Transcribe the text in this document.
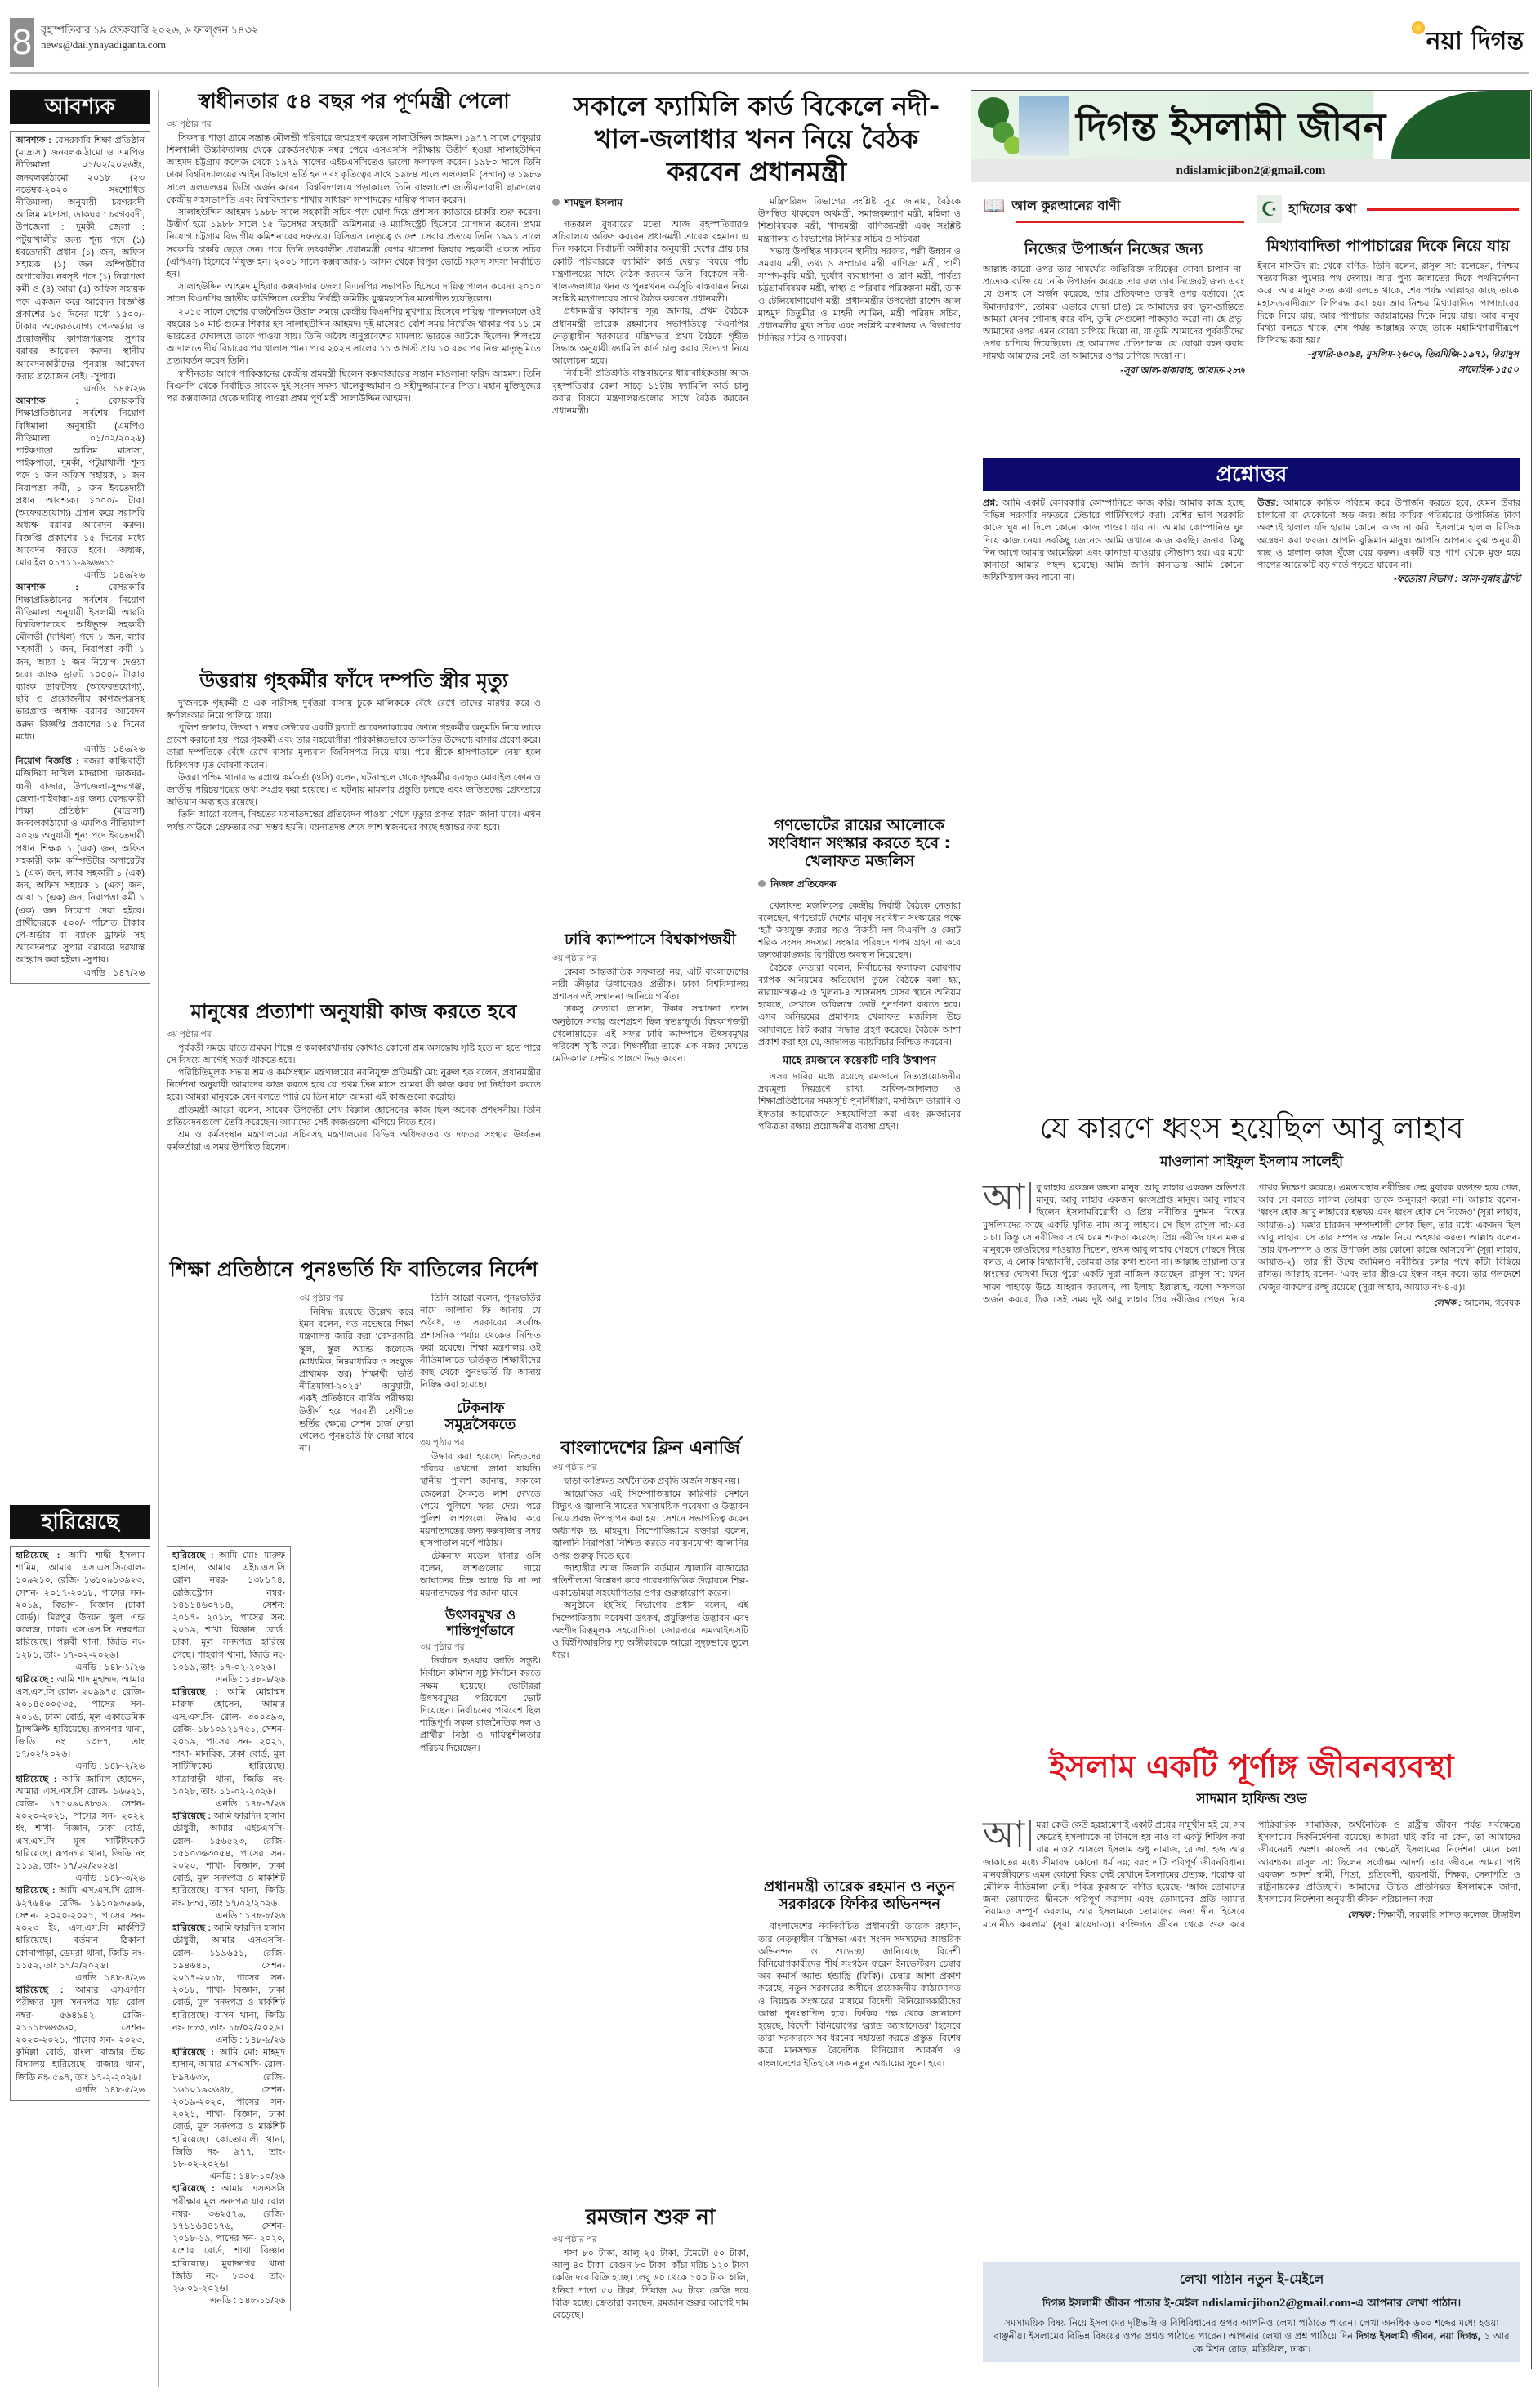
8 বৃহস্পতিবার ১৯ ফেব্রুয়ারি ২০২৬, ৬ ফাল্গুন ১৪৩২
news@dailynayadiganta.com	নয়া দিগন্ত
আবশ্যক
আবশ্যক : বেসরকারি শিক্ষা প্রতিষ্ঠান (মাদ্রাসা) জনবলকাঠামো ও এমপিও নীতিমালা, ০১/০২/২০২৬ইং, জনবলকাঠামো ২০১৮ (২৩ নভেম্বর-২০২০ সংশোধিত নীতিমালা) অনুযায়ী চরগরবদী আলিম মাদ্রাসা, ডাকঘর : চরগরবদী, উপজেলা : দুমকী, জেলা : পটুয়াখালীর জন্য শূন্য পদে (১) ইবতেদায়ী প্রধান (১) জন, অফিস সহায়ক (১) জন কম্পিউটার অপারেটর। নবসৃষ্ট পদে (১) নিরাপত্তা কর্মী ও (৪) আয়া (৫) অফিস সহায়ক পদে একজন করে আবেদন বিজ্ঞপ্তি প্রকাশের ১৫ দিনের মধ্যে ১৫০০/- টাকার অফেরতযোগ্য পে-অর্ডার ও প্রয়োজনীয় কাগজপত্রসহ সুপার বরাবর আবেদন করুন। স্থানীয় আবেদনকারীদের পুনরায় আবেদন করার প্রয়োজন নেই। -সুপার।
এনডি : ১৪৫/২৬
আবশ্যক : বেসরকারি শিক্ষাপ্রতিষ্ঠানের সর্বশেষ নিয়োগ বিধিমালা অনুযায়ী (এমপিও নীতিমালা ০১/০২/২০২৬) পাইকপাড়া আলিম মাদ্রাসা, পাইকপাড়া, দুমকী, পটুয়াখালী শূন্য পদে ১ জন অফিস সহায়ক, ১ জন নিরাপত্তা কর্মী, ১ জন ইবতেদায়ী প্রধান আবশ্যক। ১০০০/- টাকা (অফেরতযোগ্য) প্রদান করে সরাসরি অধ্যক্ষ বরাবর আবেদন করুন। বিজ্ঞপ্তি প্রকাশের ১৫ দিনের মধ্যে আবেদন করতে হবে। -অধ্যক্ষ, মোবাইল ০১৭১১-৯৯৬৬১১
এনডি : ১৪৬/২৬
আবশ্যক : বেসরকারি শিক্ষাপ্রতিষ্ঠানের সর্বশেষ নিয়োগ নীতিমালা অনুযায়ী ইসলামী আরবি বিশ্ববিদ্যালয়ের অধিভুক্ত সহকারী মৌলভী (দাখিল) পদে ১ জন, ল্যাব সহকারী ১ জন, নিরাপত্তা কর্মী ১ জন, আয়া ১ জন নিয়োগ দেওয়া হবে। ব্যাংক ড্রাফট ১০০০/- টাকার ব্যাংক ড্রাফটসহ (অফেরতযোগ্য), ছবি ও প্রয়োজনীয় কাগজপত্রসহ ভারপ্রাপ্ত অধ্যক্ষ বরাবর আবেদন করুন বিজ্ঞপ্তি প্রকাশের ১৫ দিনের মধ্যে।
এনডি : ১৪৬/২৬
নিয়োগ বিজ্ঞপ্তি : বজরা কাঞ্চিবাড়ী মজিদিয়া দাখিল মাদরাসা, ডাকঘর-ধ্বনী বাজার, উপজেলা-সুন্দরগঞ্জ, জেলা-গাইবান্ধা-এর জন্য বেসরকারী শিক্ষা প্রতিষ্ঠান (মাদ্রাসা) জনবলকাঠামো ও এমপিও নীতিমালা ২০২৬ অনুযায়ী শূন্য পদে ইবতেদায়ী প্রধান শিক্ষক ১ (এক) জন, অফিস সহকারী কাম কম্পিউটার অপারেটর ১ (এক) জন, ল্যাব সহকারী ১ (এক) জন, অফিস সহায়ক ১ (এক) জন, আয়া ১ (এক) জন, নিরাপত্তা কর্মী ১ (এক) জন নিয়োগ দেয়া হইবে। প্রার্থীদেরকে ৫০০/- পাঁচশত টাকার পে-অর্ডার বা ব্যাংক ড্রাফট সহ আবেদনপত্র সুপার বরাবরে দরখাস্ত আহ্বান করা হইল। -সুপার।
এনডি : ১৪৭/২৬
হারিয়েছে
হারিয়েছে : আমি শাদ্বী ইসলাম শামিম, আমার এস.এস.সি-রোল- ১০৯২১০, রেজি- ১৬১০৯১৩৯২৩, সেশন- ২০১৭-২০১৮, পাসের সন- ২০১৯, বিভাগ- বিজ্ঞান (ঢাকা বোর্ড)। মিরপুর উদয়ন স্কুল এন্ড কলেজ, ঢাকা। এস.এস.সি নম্বরপত্র হারিয়েছে। পল্লবী থানা, জিডি নং- ১২৮১, তাং- ১৭-০২-২০২৬।
এনডি : ১৪৮-১/২৬
হারিয়েছে : আমি শাদ মুহাম্মদ, আমার এস.এস.সি রোল- ২০৯৯৭৫, রেজি- ২০১৪৫০০৫৩৫, পাসের সন- ২০১৬, ঢাকা বোর্ড, মূল একাডেমিক ট্রান্সক্রিপ্ট হারিয়েছে। রূপনগর থানা, জিডি নং ১৩৮৭, তাং ১৭/০২/২০২৬।
এনডি : ১৪৮-২/২৬
হারিয়েছে : আমি জামিল হোসেন, আমার এস.এস.সি রোল- ১৬৬২১, রেজি- ১৭১০৯০৪৮৩৯, সেশন- ২০২০-২০২১, পাসের সন- ২০২২ ইং, শাখা- বিজ্ঞান, ঢাকা বোর্ড, এস.এস.সি মূল সার্টিফিকেট হারিয়েছে। রূপনগর থানা, জিডি নং ১১১৯, তাং- ১৭/০২/২০২৬।
এনডি : ১৪৮-৩/২৬
হারিয়েছে : আমি এস.এস.সি রোল- ৬২৭৬৪৬ রেজি- ১৬১০৯৩৬৯৬, সেশন- ২০২০-২০২১, পাসের সন- ২০২৩ ইং, এস.এস.সি মার্কশিট হারিয়েছে। বর্তমান ঠিকানা কোনাপাড়া, ডেমরা থানা, জিডি নং- ১১৫২, তাং ১৭/২/২০২৬।
এনডি : ১৪৮-৪/২৬
হারিয়েছে : আমার এসএসসি পরীক্ষার মূল সনদপত্র যার রোল নম্বর- ৫৬৪৯৪২, রেজি- ২১১১৮৬৪৩৬০, সেশন- ২০২০-২০২১, পাসের সন- ২০২৩, কুমিল্লা বোর্ড, বাংলা বাজার উচ্চ বিদ্যালয় হারিয়েছে। বাজার থানা, জিডি নং- ৫৯৭, তাং ১৭-২-২০২৬।
এনডি : ১৪৮-৫/২৬
স্বাধীনতার ৫৪ বছর পর পূর্ণমন্ত্রী পেলো
৩য় পৃষ্ঠার পর

সিকদার পাড়া গ্রামে সম্ভ্রান্ত মৌলভী পরিবারে জন্মগ্রহণ করেন সালাউদ্দিন আহমদ। ১৯৭৭ সালে পেকুয়ার শিলখালী উচ্চবিদ্যালয় থেকে রেকর্ডসংখ্যক নম্বর পেয়ে এসএসসি পরীক্ষায় উত্তীর্ণ হওয়া সালাহউদ্দিন আহমদ চট্টগ্রাম কলেজ থেকে ১৯৭৯ সালের এইচএসসিতেও ভালো ফলাফল করেন। ১৯৮০ সালে তিনি ঢাকা বিশ্ববিদ্যালয়ের আইন বিভাগে ভর্তি হন এবং কৃতিত্বের সাথে ১৯৮৪ সালে এলএলবি (সম্মান) ও ১৯৮৬ সালে এলএলএম ডিগ্রি অর্জন করেন। বিশ্ববিদ্যালয়ে পড়াকালে তিনি বাংলাদেশ জাতীয়তাবাদী ছাত্রদলের কেন্দ্রীয় সহসভাপতি এবং বিশ্ববিদ্যালয় শাখার সাধারণ সম্পাদকের দায়িত্ব পালন করেন।

সালাহউদ্দিন আহমদ ১৯৮৮ সালে সহকারী সচিব পদে যোগ দিয়ে প্রশাসন ক্যাডারে চাকরি শুরু করেন। উত্তীর্ণ হয়ে ১৯৮৮ সালে ১৫ ডিসেম্বর সহকারী কমিশনার ও ম্যাজিস্ট্রেট হিসেবে যোগদান করেন। প্রথম নিয়োগ চট্টগ্রাম বিভাগীয় কমিশনারের দফতরে। বিসিএস নেতৃত্বে ও দেশ সেবার প্রত্যয়ে তিনি ১৯৯১ সালে সরকারি চাকরি ছেড়ে দেন। পরে তিনি তৎকালীন প্রধানমন্ত্রী বেগম খালেদা জিয়ার সহকারী একান্ত সচিব (এপিএস) হিসেবে নিযুক্ত হন। ২০০১ সালে কক্সবাজার-১ আসন থেকে বিপুল ভোটে সংসদ সদস্য নির্বাচিত হন।

সালাহউদ্দিন আহমদ মুহিবার কক্সবাজার জেলা বিএনপির সভাপতি হিসেবে দায়িত্ব পালন করেন। ২০১০ সালে বিএনপির জাতীয় কাউন্সিলে কেন্দ্রীয় নির্বাহী কমিটির যুগ্মমহাসচিব মনোনীত হয়েছিলেন।

২০১৫ সালে দেশের রাজনৈতিক উত্তাল সময়ে কেন্দ্রীয় বিএনপির মুখপাত্র হিসেবে দায়িত্ব পালনকালে ওই বছরের ১০ মার্চ গুমের শিকার হন সালাহউদ্দিন আহমদ। দুই মাসেরও বেশি সময় নিখোঁজ থাকার পর ১১ মে ভারতের মেঘালয়ে তাকে পাওয়া যায়। তিনি অবৈধ অনুপ্রবেশের মামলায় ভারতে আটকে ছিলেন। শিলংয়ে আদালতে দীর্ঘ বিচারের পর খালাস পান। পরে ২০২৪ সালের ১১ আগস্ট প্রায় ১০ বছর পর নিজ মাতৃভূমিতে প্রত্যাবর্তন করেন তিনি।

স্বাধীনতার আগে পাকিস্তানের কেন্দ্রীয় শ্রমমন্ত্রী ছিলেন কক্সবাজারের সন্তান মাওলানা ফরিদ আহমদ। তিনি বিএনপি থেকে নির্বাচিত সাবেক দুই সংসদ সদস্য খালেকুজ্জামান ও সহীদুজ্জামানের পিতা। মহান মুক্তিযুদ্ধের পর কক্সবাজার থেকে দায়িত্ব পাওয়া প্রথম পূর্ণ মন্ত্রী সালাউদ্দিন আহমদ।

উত্তরায় গৃহকর্মীর ফাঁদে দম্পতি স্ত্রীর মৃত্যু

দু’জনকে গৃহকর্মী ও এক নারীসহ দুর্বৃত্তরা বাসায় ঢুকে মালিককে বেঁধে রেখে তাদের মারধর করে ও স্বর্ণালংকার নিয়ে পালিয়ে যায়।

পুলিশ জানায়, উত্তরা ৭ নম্বর সেক্টরের একটি ফ্ল্যাটে আবেদনাকারের ফোনে গৃহকর্মীর অনুমতি নিয়ে তাকে প্রবেশ করানো হয়। পরে গৃহকর্মী এবং তার সহযোগীরা পরিকল্পিতভাবে ডাকাতির উদ্দেশ্যে বাসায় প্রবেশ করে। তারা দম্পতিকে বেঁধে রেখে বাসার মূল্যবান জিনিসপত্র নিয়ে যায়। পরে স্ত্রীকে হাসপাতালে নেয়া হলে চিকিৎসক মৃত ঘোষণা করেন।

উত্তরা পশ্চিম থানার ভারপ্রাপ্ত কর্মকর্তা (ওসি) বলেন, ঘটনাস্থলে থেকে গৃহকর্মীর ব্যবহৃত মোবাইল ফোন ও জাতীয় পরিচয়পত্রের তথ্য সংগ্রহ করা হয়েছে। এ ঘটনায় মামলার প্রস্তুতি চলছে এবং জড়িতদের গ্রেফতারে অভিযান অব্যাহত রয়েছে।

তিনি আরো বলেন, নিহতের ময়নাতদন্তের প্রতিবেদন পাওয়া গেলে মৃত্যুর প্রকৃত কারণ জানা যাবে। এখন পর্যন্ত কাউকে গ্রেফতার করা সম্ভব হয়নি। ময়নাতদন্ত শেষে লাশ স্বজনদের কাছে হস্তান্তর করা হবে।

মানুষের প্রত্যাশা অনুযায়ী কাজ করতে হবে
৩য় পৃষ্ঠার পর

পূর্ববর্তী সময়ে যাতে শ্রমঘন শিল্পে ও কলকারখানায় কোথাও কোনো শ্রম অসন্তোষ সৃষ্টি হতে না হতে পারে সে বিষয়ে আগেই সতর্ক থাকতে হবে।

পরিচিতিমূলক সভায় শ্রম ও কর্মসংস্থান মন্ত্রণালয়ের নবনিযুক্ত প্রতিমন্ত্রী মো: নুরুল হক বলেন, প্রধানমন্ত্রীর নির্দেশনা অনুযায়ী আমাদের কাজ করতে হবে যে প্রথম তিন মাসে আমরা কী কাজ করব তা নির্ধারণ করতে হবে। আমরা মানুষকে যেন বলতে পারি যে তিন মাসে আমরা এই কাজগুলো করেছি।

প্রতিমন্ত্রী আরো বলেন, সাবেক উপদেষ্টা শেখ বিল্লাল হোসেনের কাজ ছিল অনেক প্রশংসনীয়। তিনি প্রতিবেদনগুলো তৈরি করেছেন। আমাদের সেই কাজগুলো এগিয়ে নিতে হবে।

শ্রম ও কর্মসংস্থান মন্ত্রণালয়ের সচিবসহ মন্ত্রণালয়ের বিভিন্ন অধিদফতর ও দফতর সংস্থার উর্ধ্বতন কর্মকর্তারা এ সময় উপস্থিত ছিলেন।

শিক্ষা প্রতিষ্ঠানে পুনঃভর্তি ফি বাতিলের নির্দেশ
হারিয়েছে : আমি মোঃ মারুফ হাসান, আমার এইচ.এস.সি রোল নম্বর- ১৩৮১৭৪, রেজিস্ট্রেশন নম্বর- ১৪১১৪৬০৭১৪, সেশন: ২০১৭- ২০১৮, পাসের সন: ২০১৯, শাখা: বিজ্ঞান, বোর্ড: ঢাকা, মূল সনদপত্র হারিয়ে গেছে। শাহবাগ থানা, জিডি নং- ১০১৯, তাং- ১৭-০২-২০২৬।
এনডি : ১৪৮-৬/২৬
হারিয়েছে : আমি মোহাম্মদ মারুফ হোসেন, আমার এস.এস.সি- রোল- ৩০০৩৯৩, রেজি- ১৮১০৯২১৭৫১, সেশন- ২০১৯, পাসের সন- ২০২১, শাখা- মানবিক, ঢাকা বোর্ড, মূল সার্টিফিকেট হারিয়েছে। যাত্রাবাড়ী থানা, জিডি নং- ১০২৮, তাং- ১১-০২-২০২৬।
এনডি : ১৪৮-৭/২৬
হারিয়েছে : আমি ফারদিন হাসান চৌধুরী, আমার এইচএসসি- রোল- ১৫৬৫২৩, রেজি- ১৫১০৩৬৩০৫৪, পাসের সন- ২০২০, শাখা- বিজ্ঞান, ঢাকা বোর্ড, মূল সনদপত্র ও মার্কশিট হারিয়েছে। বাসন থানা, জিডি নং- ৮৩৫, তাং ১৭/০২/২০২৬।
এনডি : ১৪৮-৮/২৬
হারিয়েছে : আমি ফারদিন হাসান চৌধুরী, আমার এসএসসি- রোল- ১১৯৬৫১, রেজি- ১৯৪৬৪১, সেশন- ২০১৭-২০১৮, পাসের সন- ২০১৮, শাখা- বিজ্ঞান, ঢাকা বোর্ড, মূল সনদপত্র ও মার্কশিট হারিয়েছে। বাসন থানা, জিডি নং- ৮৮৩, তাং- ১৮/০২/২০২৬।
এনডি : ১৪৮-৯/২৬
হারিয়েছে : আমি মো: মাহমুদ হাসান, আমার এসএসসি- রোল- ৮৯৭৬৩৮, রেজি- ১৬১০১৯৩৬৪৮, সেশন- ২০১৯-২০২০, পাসের সন- ২০২১, শাখা- বিজ্ঞান, ঢাকা বোর্ড, মূল সনদপত্র ও মার্কশিট হারিয়েছে। কোতোয়ালী থানা, জিডি নং- ৯৭৭, তাং- ১৮-০২-২০২৬।
এনডি : ১৪৮-১০/২৬
হারিয়েছে : আমার এসএসসি পরীক্ষার মূল সনদপত্র যার রোল নম্বর- ৩৬২৫৭৯, রেজি- ১৭১১৬৪৪১৭৬, সেশন- ২০১৮-১৯, পাসের সন- ২০২০, যশোর বোর্ড, শাখা বিজ্ঞান হারিয়েছে। মুরাদনগর থানা জিডি নং- ১৩৩৫ তাং- ২৬-০১-২০২৬।
এনডি : ১৪৮-১১/২৬
৩য় পৃষ্ঠার পর

নিষিদ্ধ রয়েছে উল্লেখ করে ইমন বলেন, গত নভেম্বরে শিক্ষা মন্ত্রণালয় জারি করা ‘বেসরকারি স্কুল, স্কুল অ্যান্ড কলেজে (মাধ্যমিক, নিম্নমাধ্যমিক ও সংযুক্ত প্রাথমিক স্তর) শিক্ষার্থী ভর্তি নীতিমালা-২০২৫’ অনুযায়ী, একই প্রতিষ্ঠানে বার্ষিক পরীক্ষায় উত্তীর্ণ হয়ে পরবর্তী শ্রেণীতে ভর্তির ক্ষেত্রে সেশন চার্জ নেয়া গেলেও পুনঃভর্তি ফি নেয়া যাবে না।

তিনি আরো বলেন, পুনঃভর্তির নামে আলাদা ফি আদায় যে অবৈধ, তা সরকারের সর্বোচ্চ প্রশাসনিক পর্যায় থেকেও নিশ্চিত করা হয়েছে। শিক্ষা মন্ত্রণালয় ওই নীতিমালাতে ভর্তিকৃত শিক্ষার্থীদের কাছ থেকে পুনঃভর্তি ফি আদায় নিষিদ্ধ করা হয়েছে।

টেকনাফ সমুদ্রসৈকতে
৩য় পৃষ্ঠার পর

উদ্ধার করা হয়েছে। নিহতদের পরিচয় এখনো জানা যায়নি। স্থানীয় পুলিশ জানায়, সকালে জেলেরা সৈকতে লাশ দেখতে পেয়ে পুলিশে খবর দেয়। পরে পুলিশ লাশগুলো উদ্ধার করে ময়নাতদন্তের জন্য কক্সবাজার সদর হাসপাতাল মর্গে পাঠায়।

টেকনাফ মডেল থানার ওসি বলেন, লাশগুলোর গায়ে আঘাতের চিহ্ন আছে কি না তা ময়নাতদন্তের পর জানা যাবে।

উৎসবমুখর ও শান্তিপূর্ণভাবে
৩য় পৃষ্ঠার পর

নির্বাচন হওয়ায় জাতি সন্তুষ্ট। নির্বাচন কমিশন সুষ্ঠু নির্বাচন করতে সক্ষম হয়েছে। ভোটাররা উৎসবমুখর পরিবেশে ভোট দিয়েছেন। নির্বাচনের পরিবেশ ছিল শান্তিপূর্ণ। সকল রাজনৈতিক দল ও প্রার্থীরা নিষ্ঠা ও দায়িত্বশীলতার পরিচয় দিয়েছেন।

সকালে ফ্যামিলি কার্ড বিকেলে নদী-খাল-জলাধার খনন নিয়ে বৈঠক করবেন প্রধানমন্ত্রী
শামছুল ইসলাম

গতকাল বুধবারের মতো আজ বৃহস্পতিবারও সচিবালয়ে অফিস করবেন প্রধানমন্ত্রী তারেক রহমান। এ দিন সকালে নির্বাচনী অঙ্গীকার অনুযায়ী দেশের প্রায় চার কোটি পরিবারকে ফ্যামিলি কার্ড দেয়ার বিষয়ে পাঁচ মন্ত্রণালয়ের সাথে বৈঠক করবেন তিনি। বিকেলে নদী-খাল-জলাধার খনন ও পুনঃখনন কর্মসূচি বাস্তবায়ন নিয়ে সংশ্লিষ্ট মন্ত্রণালয়ের সাথে বৈঠক করবেন প্রধানমন্ত্রী।

প্রধানমন্ত্রীর কার্যালয় সূত্র জানায়, প্রথম বৈঠকে প্রধানমন্ত্রী তারেক রহমানের সভাপতিত্বে বিএনপির নেতৃত্বাধীন সরকারের মন্ত্রিসভার প্রথম বৈঠকে গৃহীত সিদ্ধান্ত অনুযায়ী ফ্যামিলি কার্ড চালু করার উদ্যোগ নিয়ে আলোচনা হবে।

নির্বাচনী প্রতিশ্রুতি বাস্তবায়নের ধারাবাহিকতায় আজ বৃহস্পতিবার বেলা সাড়ে ১১টায় ফ্যামিলি কার্ড চালু করার বিষয়ে মন্ত্রণালয়গুলোর সাথে বৈঠক করবেন প্রধানমন্ত্রী।

মন্ত্রিপরিষদ বিভাগের সংশ্লিষ্ট সূত্র জানায়, বৈঠকে উপস্থিত থাকবেন অর্থমন্ত্রী, সমাজকল্যাণ মন্ত্রী, মহিলা ও শিশুবিষয়ক মন্ত্রী, খাদ্যমন্ত্রী, বাণিজ্যমন্ত্রী এবং সংশ্লিষ্ট মন্ত্রণালয় ও বিভাগের সিনিয়র সচিব ও সচিবরা।

সভায় উপস্থিত থাকবেন স্থানীয় সরকার, পল্লী উন্নয়ন ও সমবায় মন্ত্রী, তথ্য ও সম্প্রচার মন্ত্রী, বাণিজ্য মন্ত্রী, প্রাণী সম্পদ-কৃষি মন্ত্রী, দুর্যোগ ব্যবস্থাপনা ও ত্রাণ মন্ত্রী, পার্বত্য চট্টগ্রামবিষয়ক মন্ত্রী, স্বাস্থ্য ও পরিবার পরিকল্পনা মন্ত্রী, ডাক ও টেলিযোগাযোগ মন্ত্রী, প্রধানমন্ত্রীর উপদেষ্টা রাশেদ আল মাহমুদ তিতুমীর ও মাহদী আমিন, মন্ত্রী পরিষদ সচিব, প্রধানমন্ত্রীর মুখ্য সচিব এবং সংশ্লিষ্ট মন্ত্রণালয় ও বিভাগের সিনিয়র সচিব ও সচিবরা।

ঢাবি ক্যাম্পাসে বিশ্বকাপজয়ী
৩য় পৃষ্ঠার পর

কেবল আন্তর্জাতিক সফলতা নয়, এটি বাংলাদেশের নারী ক্রীড়ার উত্থানেরও প্রতীক। ঢাকা বিশ্ববিদ্যালয় প্রশাসন এই সম্মাননা জানিয়ে গর্বিত।

ঢাকসু নেতারা জানান, টিকার সম্মাননা প্রদান অনুষ্ঠানে সবার অংশগ্রহণ ছিল স্বতঃস্ফূর্ত। বিশ্বকাপজয়ী খেলোয়াড়ের এই সফর ঢাবি ক্যাম্পাসে উৎসবমুখর পরিবেশ সৃষ্টি করে। শিক্ষার্থীরা তাকে এক নজর দেখতে মেডিক্যাল সেন্টার প্রাঙ্গণে ভিড় করেন।

বাংলাদেশের ক্লিন এনার্জি
৩য় পৃষ্ঠার পর

ছাড়া কাঙ্ক্ষিত অর্থনৈতিক প্রবৃদ্ধি অর্জন সম্ভব নয়।

আয়োজিত এই সিম্পোজিয়ামে কারিগরি সেশনে বিদ্যুৎ ও জ্বালানি খাতের সমসাময়িক গবেষণা ও উদ্ভাবন নিয়ে প্রবন্ধ উপস্থাপন করা হয়। সেশনে সভাপতিত্ব করেন অধ্যাপক ড. মাহমুদ। সিম্পোজিয়ামে বক্তারা বলেন, জ্বালানি নিরাপত্তা নিশ্চিত করতে নবায়নযোগ্য জ্বালানির ওপর গুরুত্ব দিতে হবে।

জাহাঙ্গীর আল জিলানি বর্তমান জ্বালানি বাজারের গতিশীলতা বিশ্লেষণ করে গবেষণাভিত্তিক উদ্ভাবনে শিল্প-একাডেমিয়া সহযোগিতার ওপর গুরুত্বারোপ করেন।

অনুষ্ঠানে ইইসিই বিভাগের প্রধান বলেন, এই সিম্পোজিয়াম গবেষণা উৎকর্ষ, প্রযুক্তিগত উদ্ভাবন এবং অংশীদারিত্বমূলক সহযোগিতা জোরদারে এমআইএসটি ও বিইপিআরসির দৃঢ় অঙ্গীকারকে আরো সুদৃঢ়ভাবে তুলে ধরে।

রমজান শুরু না
৩য় পৃষ্ঠার পর

শসা ৮০ টাকা, আলু ২৫ টাকা, টমেটো ৫০ টাকা, আলু ৪০ টাকা, বেগুন ৮০ টাকা, কাঁচা মরিচ ১২০ টাকা কেজি দরে বিক্রি হচ্ছে। লেবু ৬০ থেকে ১০০ টাকা হালি, ধনিয়া পাতা ৫০ টাকা, পিঁয়াজ ৬০ টাকা কেজি দরে বিক্রি হচ্ছে। ক্রেতারা বলছেন, রমজান শুরুর আগেই দাম বেড়েছে।

গণভোটের রায়ের আলোকে সংবিধান সংস্কার করতে হবে : খেলাফত মজলিস
নিজস্ব প্রতিবেদক

খেলাফত মজলিসের কেন্দ্রীয় নির্বাহী বৈঠকে নেতারা বলেছেন, গণভোটে দেশের মানুষ সংবিধান সংস্কারের পক্ষে ‘হ্যাঁ’ জয়যুক্ত করার পরও বিজয়ী দল বিএনপি ও জোট শরিক সংসদ সদস্যরা সংস্কার পরিষদে শপথ গ্রহণ না করে জনআকাঙ্ক্ষার বিপরীতে অবস্থান নিয়েছেন।

বৈঠকে নেতারা বলেন, নির্বাচনের ফলাফল ঘোষণায় ব্যাপক অনিয়মের অভিযোগ তুলে বৈঠকে বলা হয়, নারায়ণগঞ্জ-৫ ও খুলনা-৪ আসনসহ যেসব স্থানে অনিয়ম হয়েছে, সেখানে অবিলম্বে ভোট পুনর্গণনা করতে হবে। এসব অনিয়মের প্রমাণসহ খেলাফত মজলিস উচ্চ আদালতে রিট করার সিদ্ধান্ত গ্রহণ করেছে। বৈঠকে আশা প্রকাশ করা হয় যে, আদালত ন্যায়বিচার নিশ্চিত করবেন।

মাহে রমজানে কয়েকটি দাবি উত্থাপন

এসব দাবির মধ্যে রয়েছে রমজানে নিত্যপ্রয়োজনীয় দ্রব্যমূল্য নিয়ন্ত্রণে রাখা, অফিস-আদালত ও শিক্ষাপ্রতিষ্ঠানের সময়সূচি পুনর্নির্ধারণ, মসজিদে তারাবি ও ইফতার আয়োজনে সহযোগিতা করা এবং রমজানের পবিত্রতা রক্ষায় প্রয়োজনীয় ব্যবস্থা গ্রহণ।

প্রধানমন্ত্রী তারেক রহমান ও নতুন সরকারকে ফিকির অভিনন্দন

বাংলাদেশের নবনির্বাচিত প্রধানমন্ত্রী তারেক রহমান, তার নেতৃত্বাধীন মন্ত্রিসভা এবং সংসদ সদস্যদের আন্তরিক অভিনন্দন ও শুভেচ্ছা জানিয়েছে বিদেশী বিনিয়োগকারীদের শীর্ষ সংগঠন ফরেন ইনভেস্টরস চেম্বার অব কমার্স অ্যান্ড ইন্ডাস্ট্রি (ফিকি)। চেম্বার আশা প্রকাশ করেছে, নতুন সরকারের অধীনে প্রয়োজনীয় কাঠামোগত ও নিয়ন্ত্রক সংস্কারের মাধ্যমে বিদেশী বিনিয়োগকারীদের আস্থা পুনঃস্থাপিত হবে। ফিকির পক্ষ থেকে জানানো হয়েছে, বিদেশী বিনিয়োগের ‘ব্র্যান্ড অ্যাম্বাসেডর’ হিসেবে তারা সরকারকে সব ধরনের সহায়তা করতে প্রস্তুত। বিশেষ করে মানসম্মত বৈদেশিক বিনিয়োগ আকর্ষণ ও বাংলাদেশের ইতিহাসে এক নতুন অধ্যায়ের সূচনা হবে।

দিগন্ত ইসলামী জীবন
ndislamicjibon2@gmail.com
📖 আল কুরআনের বাণী
নিজের উপার্জন নিজের জন্য
আল্লাহ কারো ওপর তার সামর্থ্যের অতিরিক্ত দায়িত্বের বোঝা চাপান না। প্রত্যেক ব্যক্তি যে নেকি উপার্জন করেছে তার ফল তার নিজেরই জন্য এবং যে গুনাহ সে অর্জন করেছে, তার প্রতিফলও তারই ওপর বর্তাবে। (হে ঈমানদারগণ, তোমরা এভাবে দোয়া চাও) হে আমাদের রব! ভুল-ভ্রান্তিতে আমরা যেসব গোনাহ করে বসি, তুমি সেগুলো পাকড়াও করো না। হে প্রভু! আমাদের ওপর এমন বোঝা চাপিয়ে দিয়ো না, যা তুমি আমাদের পূর্ববর্তীদের ওপর চাপিয়ে দিয়েছিলে। হে আমাদের প্রতিপালক! যে বোঝা বহন করার সামর্থ্য আমাদের নেই, তা আমাদের ওপর চাপিয়ে দিয়ো না।
-সূরা আল-বাকারাহ, আয়াত-২৮৬
☪ হাদিসের কথা
মিথ্যাবাদিতা পাপাচারের দিকে নিয়ে যায়
ইবনে মাসউদ রা: থেকে বর্ণিত- তিনি বলেন, রাসূল সা: বলেছেন, ‘নিশ্চয় সত্যবাদিতা পুণ্যের পথ দেখায়। আর পুণ্য জান্নাতের দিকে পথনির্দেশনা করে। আর মানুষ সত্য কথা বলতে থাকে, শেষ পর্যন্ত আল্লাহর কাছে তাকে মহাসত্যবাদীরূপে লিপিবদ্ধ করা হয়। আর নিশ্চয় মিথ্যাবাদিতা পাপাচারের দিকে নিয়ে যায়, আর পাপাচার জাহান্নামের দিকে নিয়ে যায়। আর মানুষ মিথ্যা বলতে থাকে, শেষ পর্যন্ত আল্লাহর কাছে তাকে মহামিথ্যাবাদীরূপে লিপিবদ্ধ করা হয়।’
-বুখারি-৬০৯৪, মুসলিম-২৬০৬, তিরমিজি-১৯৭১, রিয়াদুস সালেহিন-১৫৫০
প্রশ্নোত্তর
প্রশ্ন: আমি একটি বেসরকারি কোম্পানিতে কাজ করি। আমার কাজ হচ্ছে বিভিন্ন সরকারি দফতরে টেন্ডারে পার্টিসিপেট করা। বেশির ভাগ সরকারি কাজে ঘুষ না দিলে কোনো কাজ পাওয়া যায় না। আমার কোম্পানিও ঘুষ দিয়ে কাজ নেয়। সবকিছু জেনেও আমি এখানে কাজ করছি। জনাব, কিছু দিন আগে আমার আমেরিকা এবং কানাডা যাওয়ার সৌভাগ্য হয়। এর মধ্যে কানাডা আমার পছন্দ হয়েছে। আমি জানি কানাডায় আমি কোনো অফিসিয়াল জব পাবো না।
উত্তর: আমাকে কায়িক পরিশ্রম করে উপার্জন করতে হবে, যেমন উবার চালানো বা যেকোনো অড জব। আর কায়িক পরিশ্রমের উপার্জিত টাকা অবশ্যই হালাল যদি হারাম কোনো কাজ না করি। ইসলামে হালাল রিজিক অন্বেষণ করা ফরজ। আপনি বুদ্ধিমান মানুষ। আপনি আপনার বুঝ অনুযায়ী স্বচ্ছ ও হালাল কাজ খুঁজে বের করুন। একটি বড় পাপ থেকে মুক্ত হয়ে পাপের আরেকটি বড় গর্তে পড়তে যাবেন না।
-ফতোয়া বিভাগ : আস-সুন্নাহ ট্রাস্ট
যে কারণে ধ্বংস হয়েছিল আবু লাহাব
মাওলানা সাইফুল ইসলাম সালেহী
আ	বু লাহাব একজন জঘন্য মানুষ, আবু লাহাব একজন অভিশপ্ত মানুষ, আবু লাহাব একজন ধ্বংসপ্রাপ্ত মানুষ। আবু লাহাব ছিলেন ইসলামবিরোধী ও প্রিয় নবীজির দুশমন। বিশ্বের মুসলিমদের কাছে একটি ঘৃণিত নাম আবু লাহাব। সে ছিল রাসূল সা:-এর চাচা। কিন্তু সে নবীজির সাথে চরম শত্রুতা করেছে। প্রিয় নবীজি যখন মক্কার মানুষকে তাওহিদের দাওয়াত দিতেন, তখন আবু লাহাব পেছনে পেছনে গিয়ে বলত, এ লোক মিথ্যাবাদী, তোমরা তার কথা শুনো না। আল্লাহ তায়ালা তার ধ্বংসের ঘোষণা দিয়ে পুরো একটি সূরা নাজিল করেছেন। রাসূল সা: যখন সাফা পাহাড়ে উঠে আহ্বান করলেন, লা ইলাহা ইল্লাল্লাহ, বলো সফলতা অর্জন করবে, ঠিক সেই সময় দুষ্ট আবু লাহাব প্রিয় নবীজির পেছন দিয়ে পাথর নিক্ষেপ করেছে। এমতাবস্থায় নবীজির দেহ মুবারক রক্তাক্ত হয়ে গেল, আর সে বলতে লাগল তোমরা তাকে অনুসরণ করো না। আল্লাহ বলেন- ‘ধ্বংস হোক আবু লাহাবের হস্তদ্বয় এবং ধ্বংস হোক সে নিজেও’ (সূরা লাহাব, আয়াত-১)। মক্কার চারজন সম্পদশালী লোক ছিল, তার মধ্যে একজন ছিল আবু লাহাব। সে তার সম্পদ ও সন্তান নিয়ে অহঙ্কার করত। আল্লাহ বলেন- ‘তার ধন-সম্পদ ও তার উপার্জন তার কোনো কাজে আসবেনি’ (সূরা লাহাব, আয়াত-২)। তার স্ত্রী উম্মে জামিলও নবীজির চলার পথে কাঁটা বিছিয়ে রাখত। আল্লাহ বলেন- ‘এবং তার স্ত্রীও-যে ইন্ধন বহন করে। তার গলদেশে খেজুর বাকলের রজ্জু রয়েছে’ (সূরা লাহাব, আয়াত নং-৪-৫)।
লেখক : আলেম, গবেষক
ইসলাম একটি পূর্ণাঙ্গ জীবনব্যবস্থা
সাদমান হাফিজ শুভ
আ	মরা কেউ কেউ হরহামেশাই একটি প্রশ্নের সম্মুখীন হই যে, সব ক্ষেত্রেই ইসলামকে না টানলে হয় নাও বা একটু শিথিল করা যায় নাও? আসলে ইসলাম শুধু নামাজ, রোজা, হজ আর জাকাতের মধ্যে সীমাবদ্ধ কোনো ধর্ম নয়; বরং এটি পরিপূর্ণ জীবনবিধান। মানবজীবনের এমন কোনো বিষয় নেই যেখানে ইসলামের প্রত্যক্ষ, পরোক্ষ বা মৌলিক নীতিমালা নেই। পবিত্র কুরআনে বর্ণিত হয়েছে- ‘আজ তোমাদের জন্য তোমাদের দ্বীনকে পরিপূর্ণ করলাম এবং তোমাদের প্রতি আমার নিয়ামত সম্পূর্ণ করলাম, আর ইসলামকে তোমাদের জন্য দ্বীন হিসেবে মনোনীত করলাম’ (সূরা মায়েদা-৩)। ব্যক্তিগত জীবন থেকে শুরু করে পারিবারিক, সামাজিক, অর্থনৈতিক ও রাষ্ট্রীয় জীবন পর্যন্ত সর্বক্ষেত্রে ইসলামের দিকনির্দেশনা রয়েছে। আমরা যাই করি না কেন, তা আমাদের জীবনেরই অংশ। কাজেই সব ক্ষেত্রেই ইসলামের নির্দেশনা মেনে চলা আবশ্যক। রাসূল সা: ছিলেন সর্বোত্তম আদর্শ। তার জীবনে আমরা পাই একজন আদর্শ স্বামী, পিতা, প্রতিবেশী, ব্যবসায়ী, শিক্ষক, সেনাপতি ও রাষ্ট্রনায়কের প্রতিচ্ছবি। আমাদের উচিত প্রতিনিয়ত ইসলামকে জানা, ইসলামের নির্দেশনা অনুযায়ী জীবন পরিচালনা করা।
লেখক : শিক্ষার্থী, সরকারি সা'দত কলেজ, টাঙ্গাইল
লেখা পাঠান নতুন ই-মেইলে
দিগন্ত ইসলামী জীবন পাতার ই-মেইল ndislamicjibon2@gmail.com-এ আপনার লেখা পাঠান।
সমসাময়িক বিষয় নিয়ে ইসলামের দৃষ্টিভঙ্গি ও বিধিবিধানের ওপর আপনিও লেখা পাঠাতে পারেন। লেখা অনধিক ৬০০ শব্দের মধ্যে হওয়া বাঞ্ছনীয়। ইসলামের বিভিন্ন বিষয়ের ওপর প্রশ্নও পাঠাতে পারেন। আপনার লেখা ও প্রশ্ন পাঠিয়ে দিন দিগন্ত ইসলামী জীবন, নয়া দিগন্ত, ১ আর কে মিশন রোড, মতিঝিল, ঢাকা।
